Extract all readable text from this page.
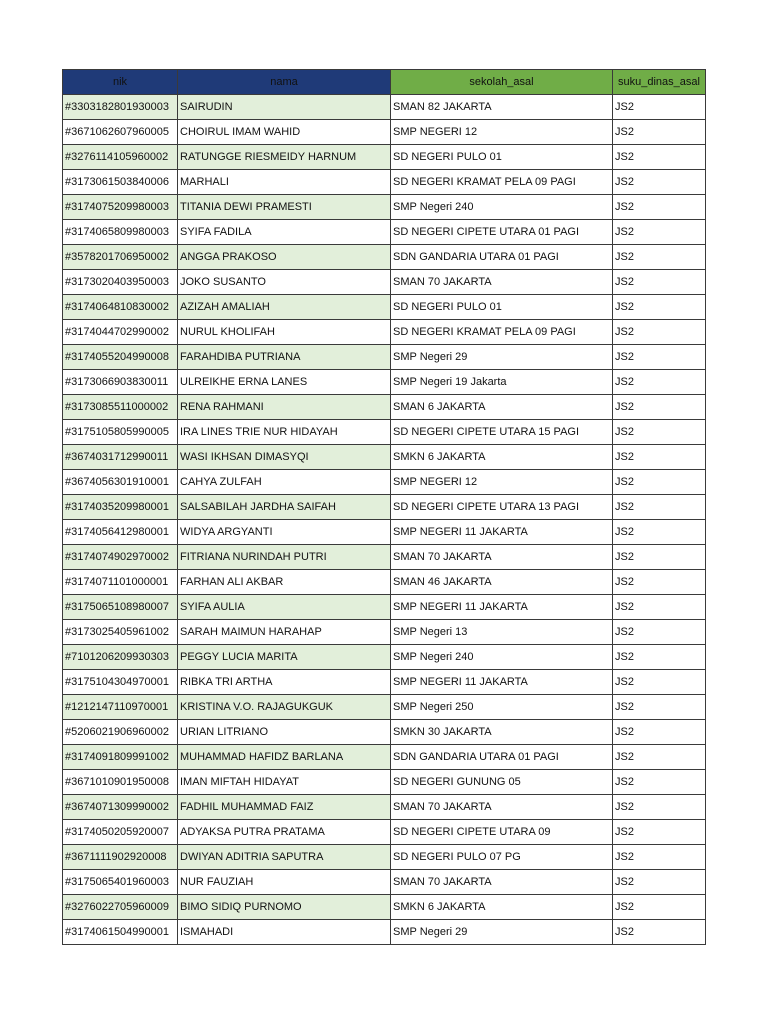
nik	nama	sekolah_asal	suku_dinas_asal
#3303182801930003	SAIRUDIN	SMAN 82 JAKARTA	JS2
#3671062607960005	CHOIRUL IMAM WAHID	SMP NEGERI 12	JS2
#3276114105960002	RATUNGGE RIESMEIDY HARNUM	SD NEGERI PULO 01	JS2
#3173061503840006	MARHALI	SD NEGERI KRAMAT PELA 09 PAGI	JS2
#3174075209980003	TITANIA DEWI PRAMESTI	SMP Negeri 240	JS2
#3174065809980003	SYIFA FADILA	SD NEGERI CIPETE UTARA 01 PAGI	JS2
#3578201706950002	ANGGA PRAKOSO	SDN GANDARIA UTARA 01 PAGI	JS2
#3173020403950003	JOKO SUSANTO	SMAN 70 JAKARTA	JS2
#3174064810830002	AZIZAH AMALIAH	SD NEGERI PULO 01	JS2
#3174044702990002	NURUL KHOLIFAH	SD NEGERI KRAMAT PELA 09 PAGI	JS2
#3174055204990008	FARAHDIBA PUTRIANA	SMP Negeri 29	JS2
#3173066903830011	ULREIKHE ERNA LANES	SMP Negeri 19 Jakarta	JS2
#3173085511000002	RENA RAHMANI	SMAN 6 JAKARTA	JS2
#3175105805990005	IRA LINES TRIE NUR HIDAYAH	SD NEGERI CIPETE UTARA 15 PAGI	JS2
#3674031712990011	WASI IKHSAN DIMASYQI	SMKN 6 JAKARTA	JS2
#3674056301910001	CAHYA ZULFAH	SMP NEGERI 12	JS2
#3174035209980001	SALSABILAH JARDHA SAIFAH	SD NEGERI CIPETE UTARA 13 PAGI	JS2
#3174056412980001	WIDYA ARGYANTI	SMP NEGERI 11 JAKARTA	JS2
#3174074902970002	FITRIANA NURINDAH PUTRI	SMAN 70 JAKARTA	JS2
#3174071101000001	FARHAN ALI AKBAR	SMAN 46 JAKARTA	JS2
#3175065108980007	SYIFA AULIA	SMP NEGERI 11 JAKARTA	JS2
#3173025405961002	SARAH MAIMUN HARAHAP	SMP Negeri 13	JS2
#7101206209930303	PEGGY LUCIA MARITA	SMP Negeri 240	JS2
#3175104304970001	RIBKA TRI ARTHA	SMP NEGERI 11 JAKARTA	JS2
#1212147110970001	KRISTINA V.O. RAJAGUKGUK	SMP Negeri 250	JS2
#5206021906960002	URIAN LITRIANO	SMKN 30 JAKARTA	JS2
#3174091809991002	MUHAMMAD HAFIDZ BARLANA	SDN GANDARIA UTARA 01 PAGI	JS2
#3671010901950008	IMAN MIFTAH HIDAYAT	SD NEGERI GUNUNG 05	JS2
#3674071309990002	FADHIL MUHAMMAD FAIZ	SMAN 70 JAKARTA	JS2
#3174050205920007	ADYAKSA PUTRA PRATAMA	SD NEGERI CIPETE UTARA 09	JS2
#3671111902920008	DWIYAN ADITRIA SAPUTRA	SD NEGERI PULO 07 PG	JS2
#3175065401960003	NUR FAUZIAH	SMAN 70 JAKARTA	JS2
#3276022705960009	BIMO SIDIQ PURNOMO	SMKN 6 JAKARTA	JS2
#3174061504990001	ISMAHADI	SMP Negeri 29	JS2
